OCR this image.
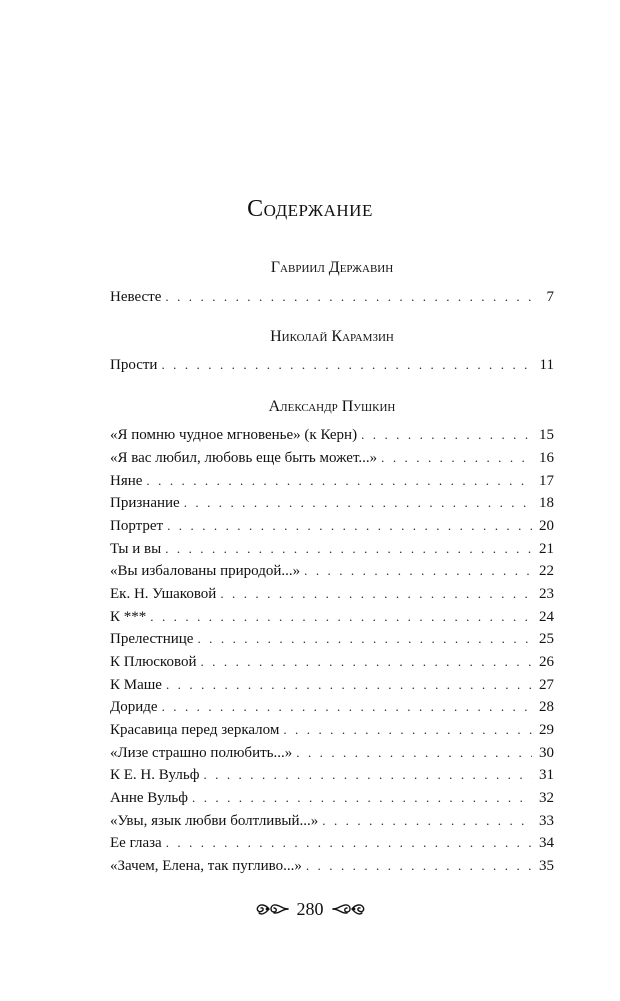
Содержание
Гавриил Державин
Невесте . . .	7
Николай Карамзин
Прости . . .	11
Александр Пушкин
«Я помню чудное мгновенье» (к Керн) . . .	15
«Я вас любил, любовь еще быть может...» . . .	16
Няне . . .	17
Признание . . .	18
Портрет . . .	20
Ты и вы . . .	21
«Вы избалованы природой...» . . .	22
Ек. Н. Ушаковой . . .	23
К *** . . .	24
Прелестнице . . .	25
К Плюсковой . . .	26
К Маше . . .	27
Дориде . . .	28
Красавица перед зеркалом . . .	29
«Лизе страшно полюбить...» . . .	30
К Е. Н. Вульф . . .	31
Анне Вульф . . .	32
«Увы, язык любви болтливый...» . . .	33
Ее глаза . . .	34
«Зачем, Елена, так пугливо...» . . .	35
280
